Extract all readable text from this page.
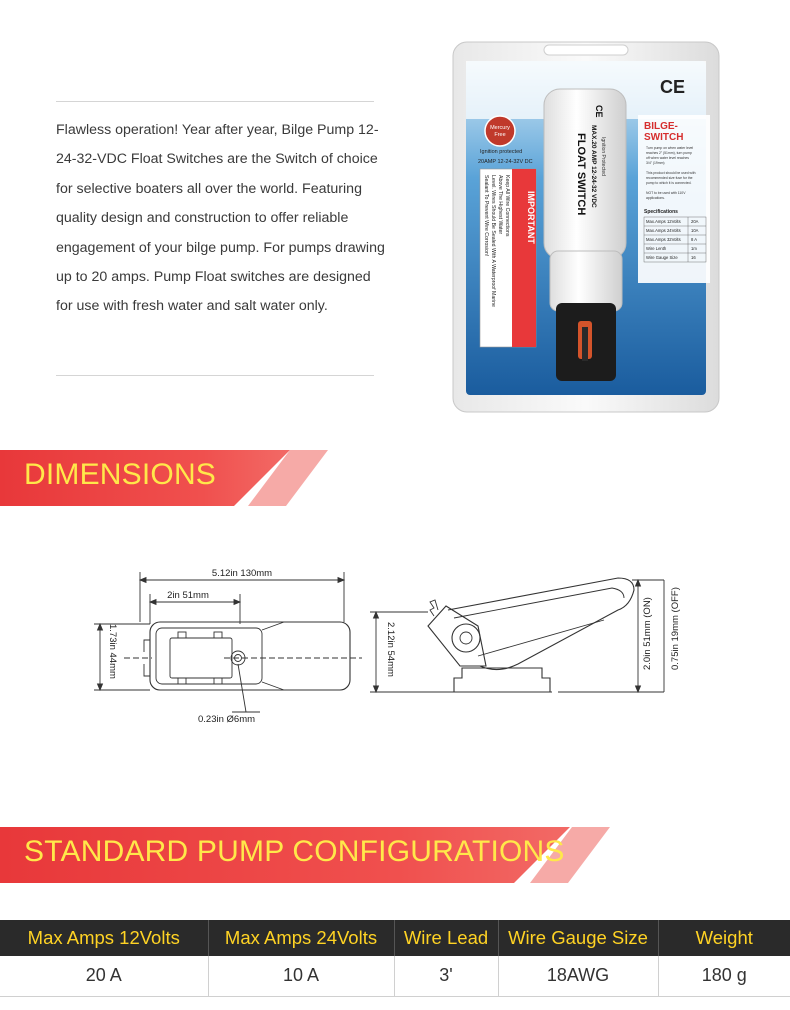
Flawless operation! Year after year, Bilge Pump 12-24-32-VDC Float Switches are the Switch of choice for selective boaters all over the world. Featuring quality design and construction to offer reliable engagement of your bilge pump. For pumps drawing up to 20 amps. Pump Float switches are designed for use with fresh water and salt water only.

CE
Mercury
Free
Ignition protected
20AMP 12-24-32V DC
IMPORTANT
Keep All Wire Connections
Above The Highest Water
Level. Wires Should Be Sealed With A Waterproof Marine
Sealant To Prevent Wire Corrosion!
FLOAT SWITCH MAX.20 AMP 12-24-32 VDC Ignition Protected
CE
BILGE-
SWITCH
Turn pump on when water level
reaches 2" (51mm), turn pump
off when water level reaches
3/4" (19mm)
This product should be used with
recommended size fuse for the
pump to which it is connected.
NOT to be used with 110V
applications.
Specifications
Max.Amps 12Volts 20A
Max.Amps 24Volts 10A
Max.Amps 32Volts 8 A
Wire Lenth	1m
Wire Gauge Size	16
DIMENSIONS
5.12in 130mm
2in 51mm
1.73in 44mm
0.23in Ø6mm
2.12in 54mm	2.0in 51mm (ON) 0.75in 19mm (OFF)
STANDARD PUMP CONFIGURATIONS
Max Amps 12Volts	Max Amps 24Volts	Wire Lead	Wire Gauge Size	Weight
20 A	10 A	3'	18AWG	180 g
